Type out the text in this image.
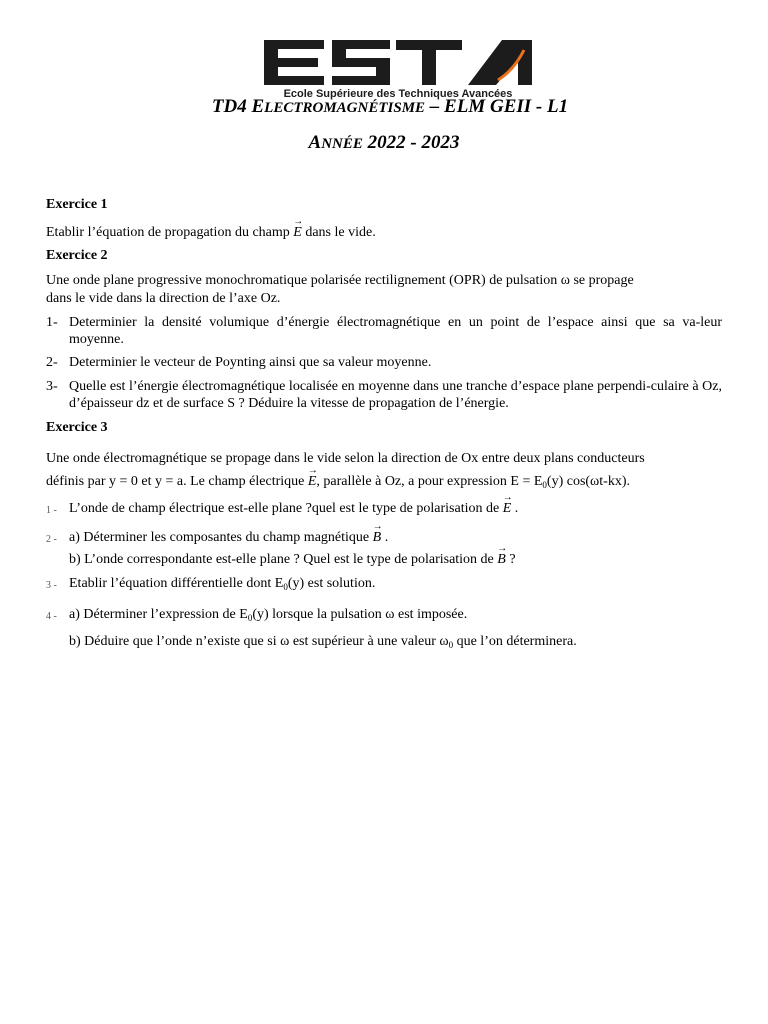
Ecole Supérieure des Techniques Avancées
TD4 ELECTROMAGNÉTISME – ELM GEII - L1
ANNÉE 2022 - 2023
Exercice 1
Etablir l’équation de propagation du champ → E dans le vide.
Exercice 2
Une onde plane progressive monochromatique polarisée rectilignement (OPR) de pulsation ω se propage
dans le vide dans la direction de l’axe Oz.
1- Determinier la densité volumique d’énergie électromagnétique en un point de l’espace ainsi que sa va-leur moyenne.
2- Determinier le vecteur de Poynting ainsi que sa valeur moyenne.
3- Quelle est l’énergie électromagnétique localisée en moyenne dans une tranche d’espace plane perpendi-culaire à Oz, d’épaisseur dz et de surface S ? Déduire la vitesse de propagation de l’énergie.
Exercice 3
Une onde électromagnétique se propage dans le vide selon la direction de Ox entre deux plans conducteurs
définis par y = 0 et y = a. Le champ électrique → E, parallèle à Oz, a pour expression $E = E_0(y)$ cos(ωt-kx).
1 - L’onde de champ électrique est-elle plane ?quel est le type de polarisation de → E .
2 - a) Déterminer les composantes du champ magnétique → B .
b) L’onde correspondante est-elle plane ? Quel est le type de polarisation de → B ?
3 - Etablir l’équation différentielle dont $E_0(y)$ est solution.
4 - a) Déterminer l’expression de $E_0(y)$ lorsque la pulsation ω est imposée.
b) Déduire que l’onde n’existe que si ω est supérieur à une valeur $\omega_0$ que l’on déterminera.
